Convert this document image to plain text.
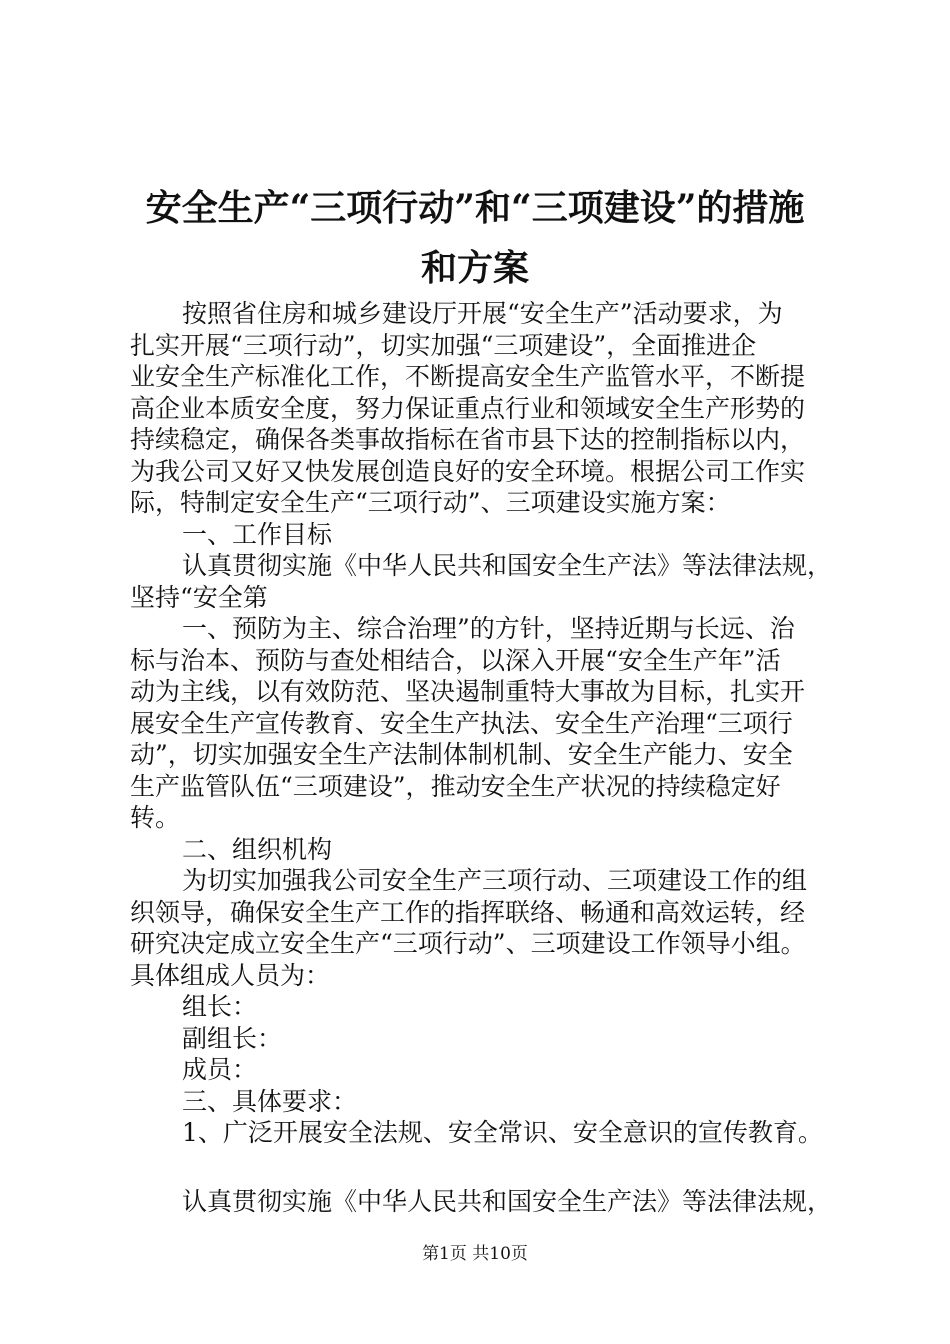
安全生产“三项行动”和“三项建设”的措施
和方案

按照省住房和城乡建设厅开展“安全生产”活动要求，为

扎实开展“三项行动”，切实加强“三项建设”，全面推进企

业安全生产标准化工作，不断提高安全生产监管水平，不断提

高企业本质安全度，努力保证重点行业和领域安全生产形势的

持续稳定，确保各类事故指标在省市县下达的控制指标以内，

为我公司又好又快发展创造良好的安全环境。根据公司工作实

际，特制定安全生产“三项行动”、三项建设实施方案：

一、工作目标

认真贯彻实施《中华人民共和国安全生产法》等法律法规，

坚持“安全第

一、预防为主、综合治理”的方针，坚持近期与长远、治

标与治本、预防与查处相结合，以深入开展“安全生产年”活

动为主线，以有效防范、坚决遏制重特大事故为目标，扎实开

展安全生产宣传教育、安全生产执法、安全生产治理“三项行

动”，切实加强安全生产法制体制机制、安全生产能力、安全

生产监管队伍“三项建设”，推动安全生产状况的持续稳定好

转。

二、组织机构

为切实加强我公司安全生产三项行动、三项建设工作的组

织领导，确保安全生产工作的指挥联络、畅通和高效运转，经

研究决定成立安全生产“三项行动”、三项建设工作领导小组。

具体组成人员为：

组长：

副组长：

成员：

三、具体要求：

1、广泛开展安全法规、安全常识、安全意识的宣传教育。

认真贯彻实施《中华人民共和国安全生产法》等法律法规，

第1页 共10页
